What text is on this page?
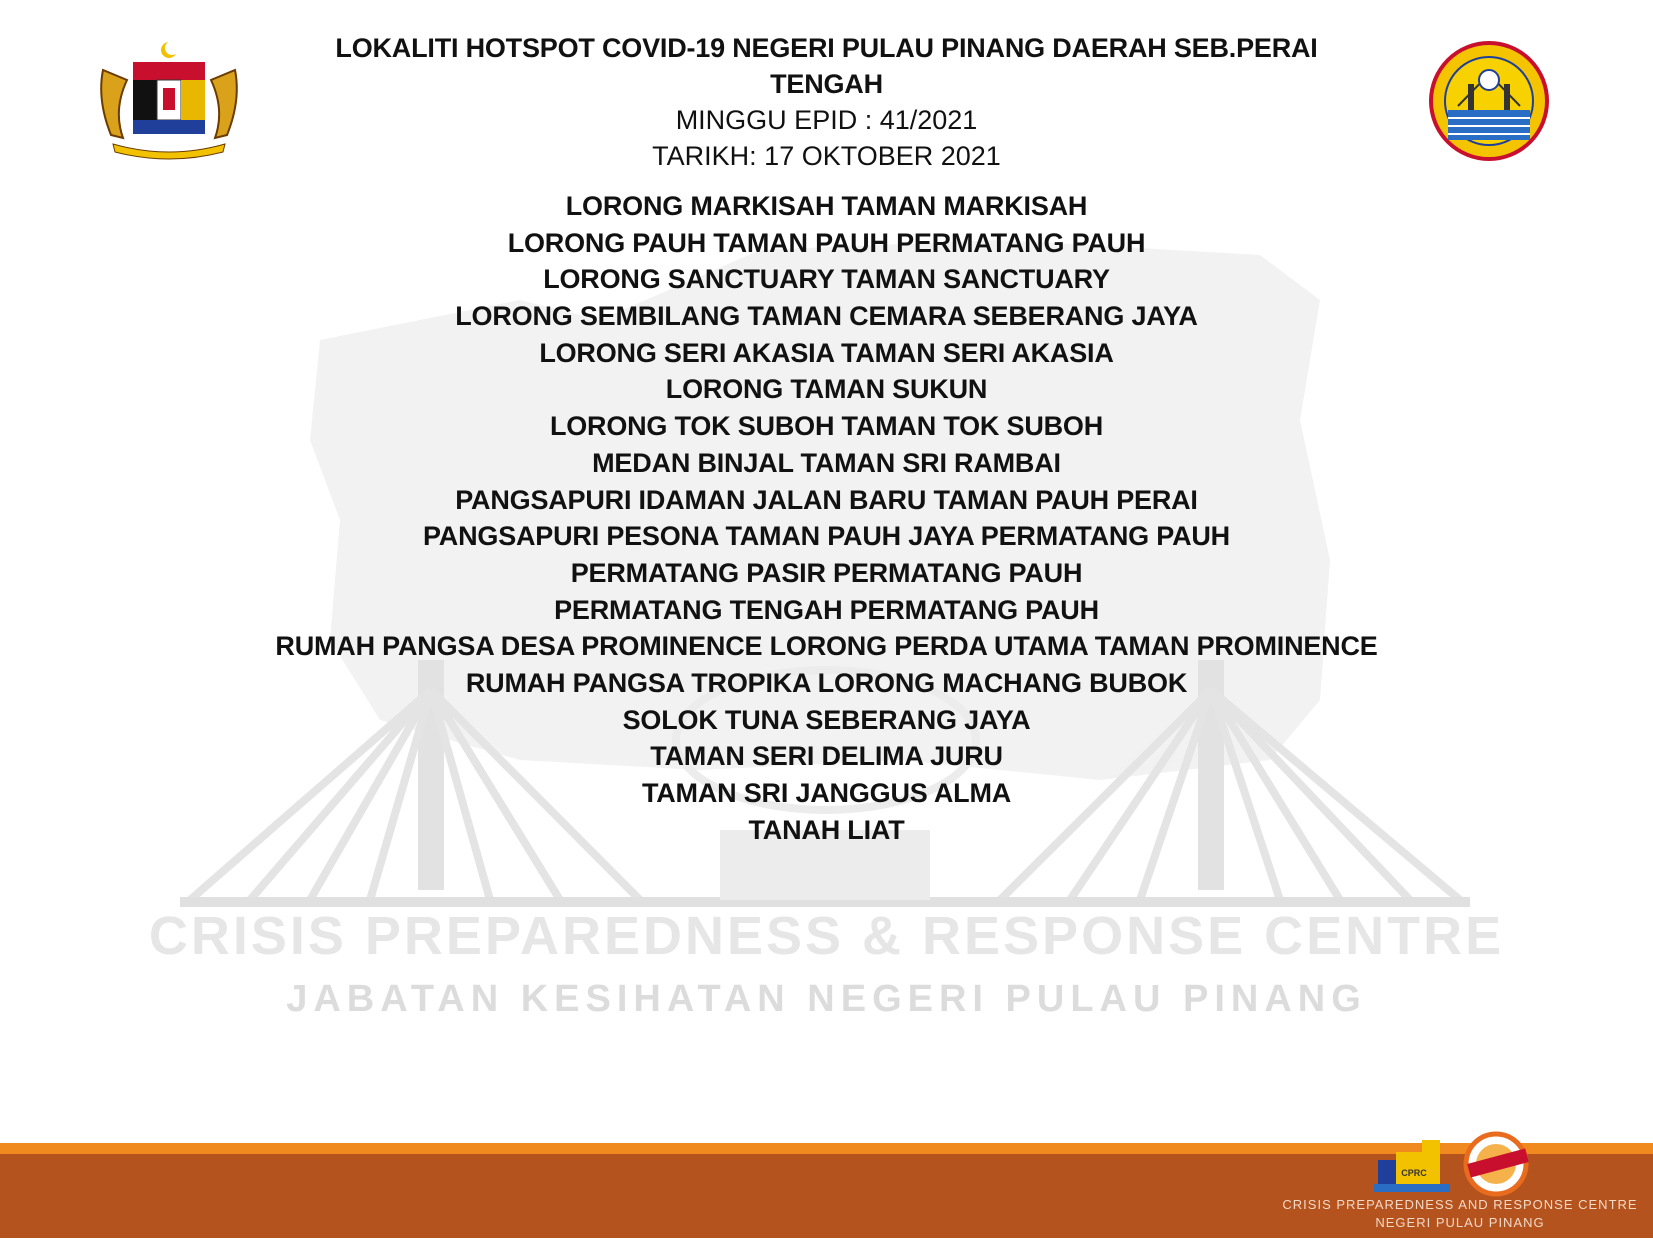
CRISIS PREPAREDNESS & RESPONSE CENTRE
JABATAN KESIHATAN NEGERI PULAU PINANG

LOKALITI HOTSPOT COVID-19 NEGERI PULAU PINANG DAERAH SEB.PERAI

TENGAH

MINGGU EPID : 41/2021

TARIKH: 17 OKTOBER 2021

LORONG MARKISAH TAMAN MARKISAH
LORONG PAUH TAMAN PAUH PERMATANG PAUH
LORONG SANCTUARY TAMAN SANCTUARY
LORONG SEMBILANG TAMAN CEMARA SEBERANG JAYA
LORONG SERI AKASIA TAMAN SERI AKASIA
LORONG TAMAN SUKUN
LORONG TOK SUBOH TAMAN TOK SUBOH
MEDAN BINJAL TAMAN SRI RAMBAI
PANGSAPURI IDAMAN JALAN BARU TAMAN PAUH PERAI
PANGSAPURI PESONA TAMAN PAUH JAYA PERMATANG PAUH
PERMATANG PASIR PERMATANG PAUH
PERMATANG TENGAH PERMATANG PAUH
RUMAH PANGSA DESA PROMINENCE LORONG PERDA UTAMA TAMAN PROMINENCE
RUMAH PANGSA TROPIKA LORONG MACHANG BUBOK
SOLOK TUNA SEBERANG JAYA
TAMAN SERI DELIMA JURU
TAMAN SRI JANGGUS ALMA
TANAH LIAT
CPRC
CRISIS PREPAREDNESS AND RESPONSE CENTRE
NEGERI PULAU PINANG
